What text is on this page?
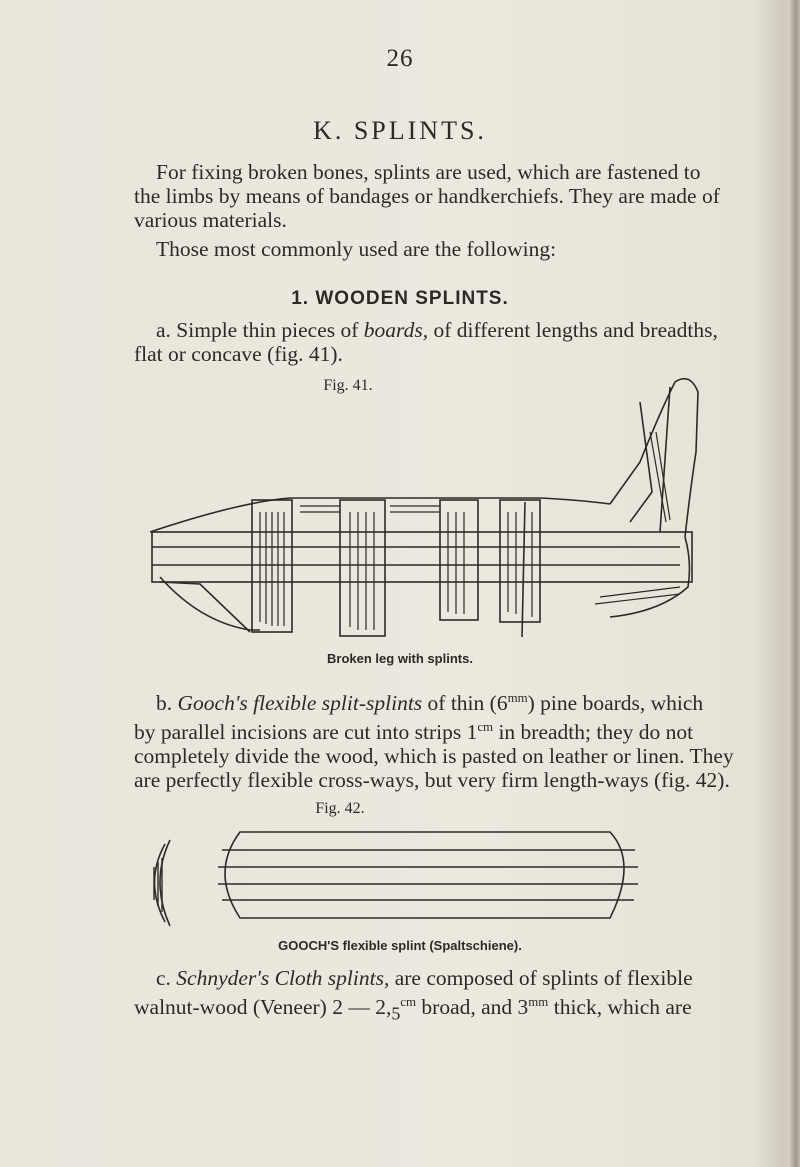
26
K. SPLINTS.

For fixing broken bones, splints are used, which are fastened to
the limbs by means of bandages or handkerchiefs. They are made of
various materials.

Those most commonly used are the following:

1. WOODEN SPLINTS.

a. Simple thin pieces of boards, of different lengths and breadths,
flat or concave (fig. 41).

Fig. 41.
Broken leg with splints.

b. Gooch's flexible split-splints of thin $(6^{mm})$ pine boards, which
by parallel incisions are cut into strips $1^{cm}$ in breadth; they do not
completely divide the wood, which is pasted on leather or linen. They
are perfectly flexible cross-ways, but very firm length-ways (fig. 42).

Fig. 42.
GOOCH'S flexible splint (Spaltschiene).

c. Schnyder's Cloth splints, are composed of splints of flexible
walnut-wood (Veneer) 2 — $2,_5^{cm}$ broad, and $3^{mm}$ thick, which are
